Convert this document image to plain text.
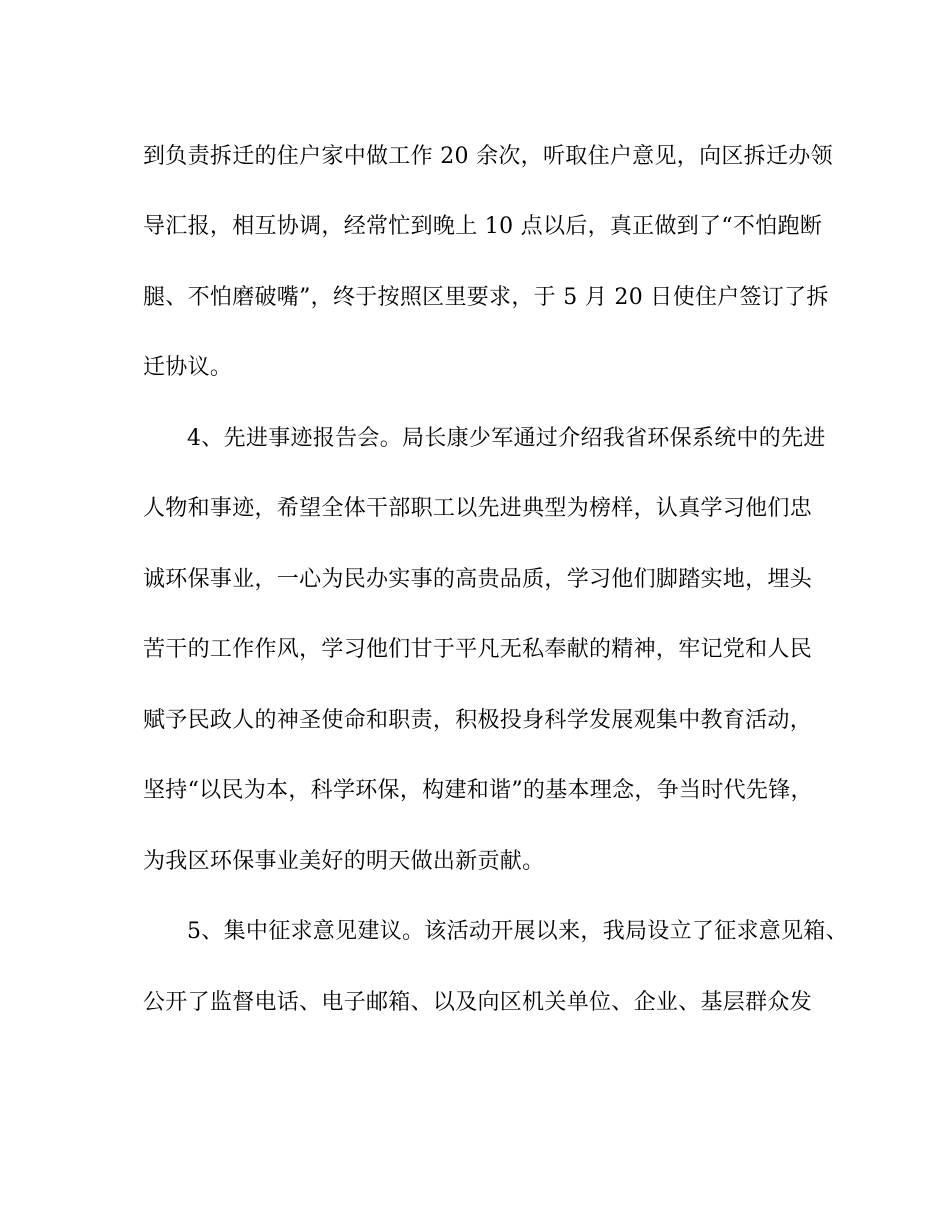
到负责拆迁的住户家中做工作 20 余次，听取住户意见，向区拆迁办领
导汇报，相互协调，经常忙到晚上 10 点以后，真正做到了“不怕跑断
腿、不怕磨破嘴”，终于按照区里要求，于 5 月 20 日使住户签订了拆
迁协议。
4、先进事迹报告会。局长康少军通过介绍我省环保系统中的先进
人物和事迹，希望全体干部职工以先进典型为榜样，认真学习他们忠
诚环保事业，一心为民办实事的高贵品质，学习他们脚踏实地，埋头
苦干的工作作风，学习他们甘于平凡无私奉献的精神，牢记党和人民
赋予民政人的神圣使命和职责，积极投身科学发展观集中教育活动，
坚持“以民为本，科学环保，构建和谐”的基本理念，争当时代先锋，
为我区环保事业美好的明天做出新贡献。
5、集中征求意见建议。该活动开展以来，我局设立了征求意见箱、
公开了监督电话、电子邮箱、以及向区机关单位、企业、基层群众发
